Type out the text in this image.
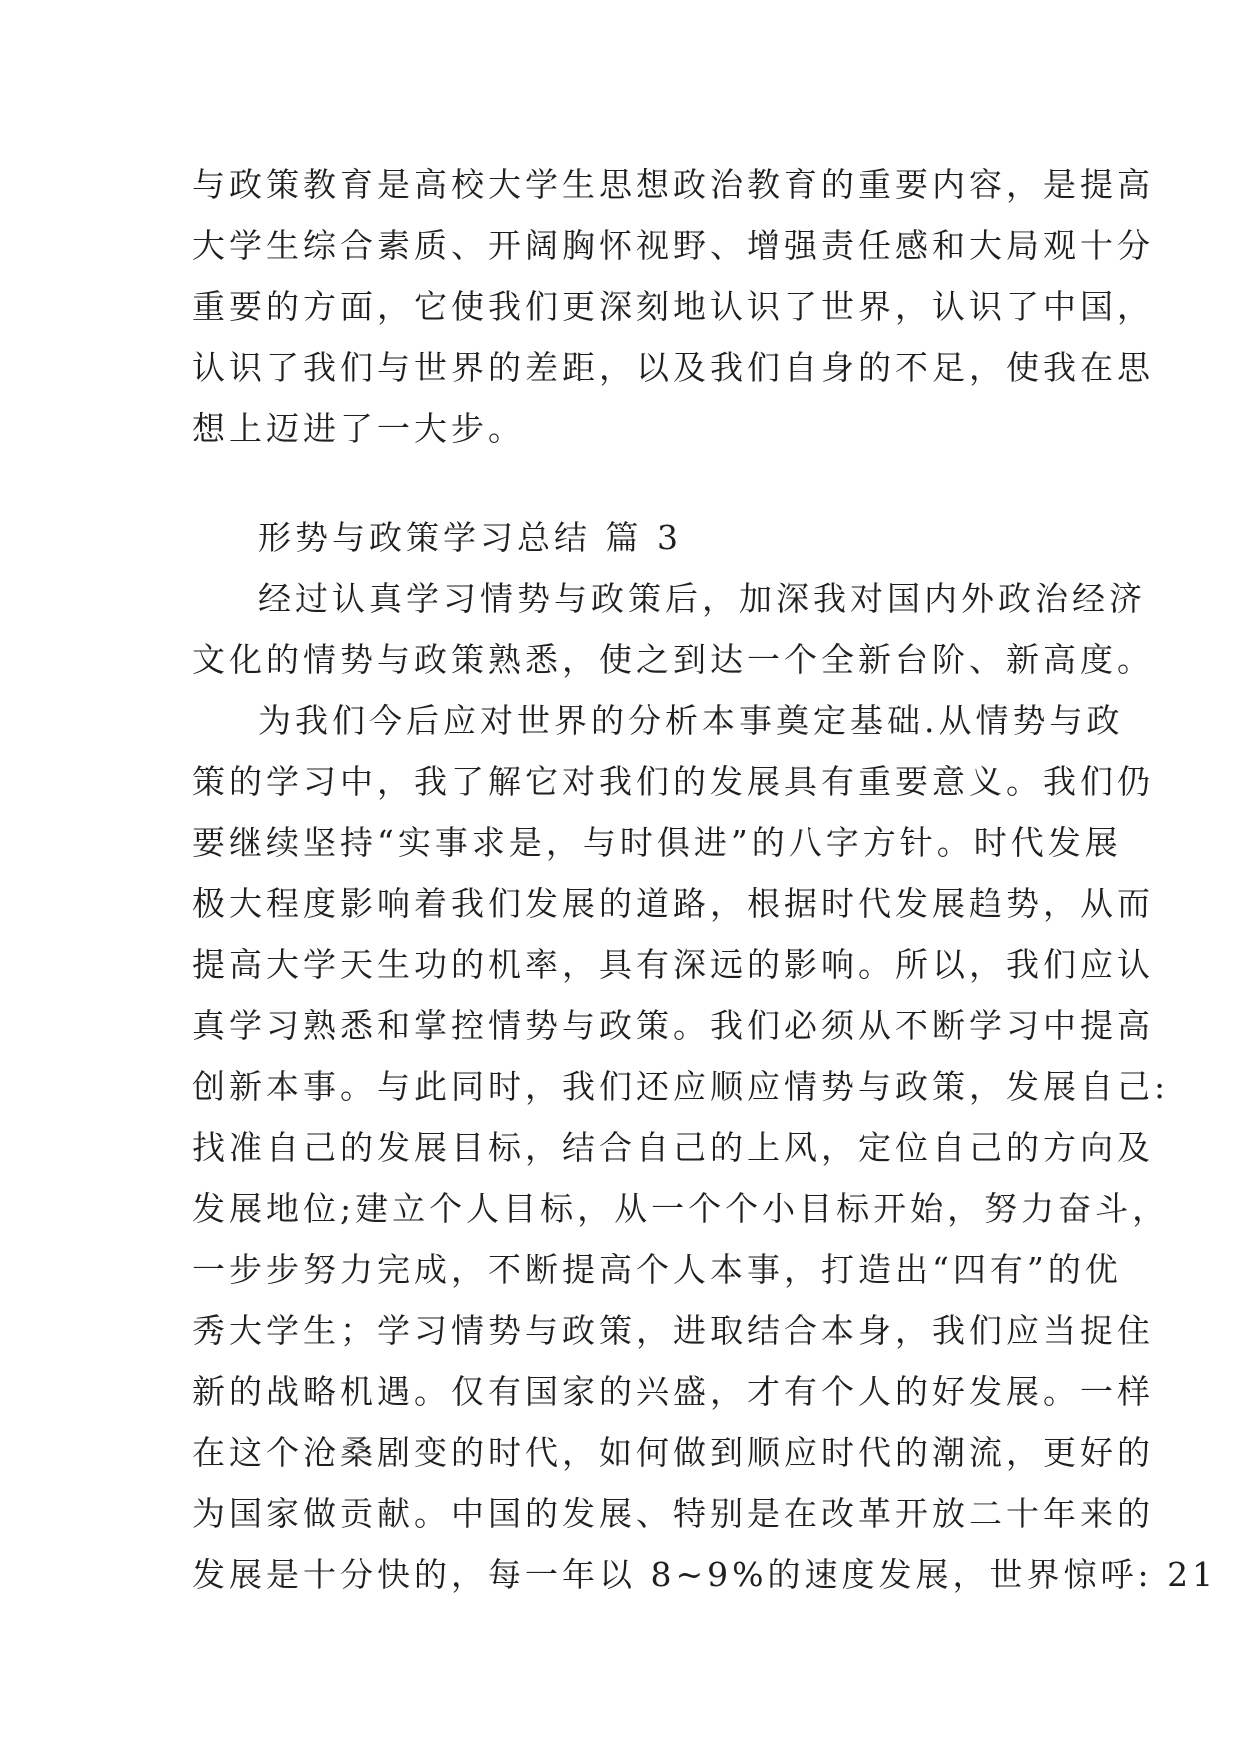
与政策教育是高校大学生思想政治教育的重要内容，是提高
大学生综合素质、开阔胸怀视野、增强责任感和大局观十分
重要的方面，它使我们更深刻地认识了世界，认识了中国，
认识了我们与世界的差距，以及我们自身的不足，使我在思
想上迈进了一大步。
形势与政策学习总结 篇 3
经过认真学习情势与政策后，加深我对国内外政治经济
文化的情势与政策熟悉，使之到达一个全新台阶、新高度。
为我们今后应对世界的分析本事奠定基础.从情势与政
策的学习中，我了解它对我们的发展具有重要意义。我们仍
要继续坚持“实事求是，与时俱进”的八字方针。时代发展
极大程度影响着我们发展的道路，根据时代发展趋势，从而
提高大学天生功的机率，具有深远的影响。所以，我们应认
真学习熟悉和掌控情势与政策。我们必须从不断学习中提高
创新本事。与此同时，我们还应顺应情势与政策，发展自己:
找准自己的发展目标，结合自己的上风，定位自己的方向及
发展地位;建立个人目标，从一个个小目标开始，努力奋斗，
一步步努力完成，不断提高个人本事，打造出“四有”的优
秀大学生；学习情势与政策，进取结合本身，我们应当捉住
新的战略机遇。仅有国家的兴盛，才有个人的好发展。一样
在这个沧桑剧变的时代，如何做到顺应时代的潮流，更好的
为国家做贡献。中国的发展、特别是在改革开放二十年来的
发展是十分快的，每一年以 8~9%的速度发展，世界惊呼: 21
